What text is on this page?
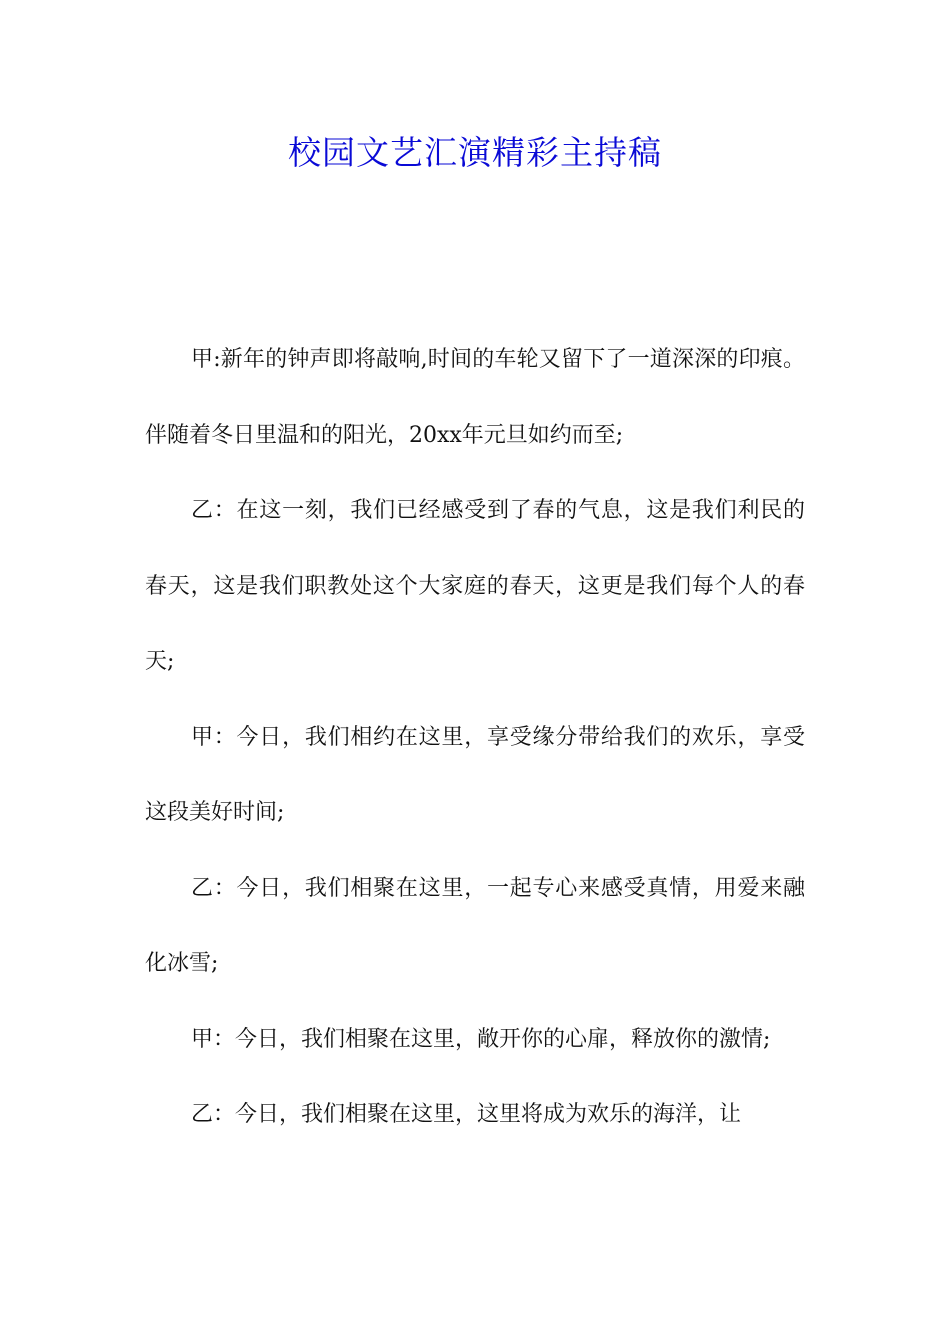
校园文艺汇演精彩主持稿

甲:新年的钟声即将敲响,时间的车轮又留下了一道深深的印痕。伴随着冬日里温和的阳光，20xx年元旦如约而至;

乙：在这一刻，我们已经感受到了春的气息，这是我们利民的春天，这是我们职教处这个大家庭的春天，这更是我们每个人的春天;

甲：今日，我们相约在这里，享受缘分带给我们的欢乐，享受这段美好时间;

乙：今日，我们相聚在这里，一起专心来感受真情，用爱来融化冰雪;

甲：今日，我们相聚在这里，敞开你的心扉，释放你的激情;

乙：今日，我们相聚在这里，这里将成为欢乐的海洋，让
